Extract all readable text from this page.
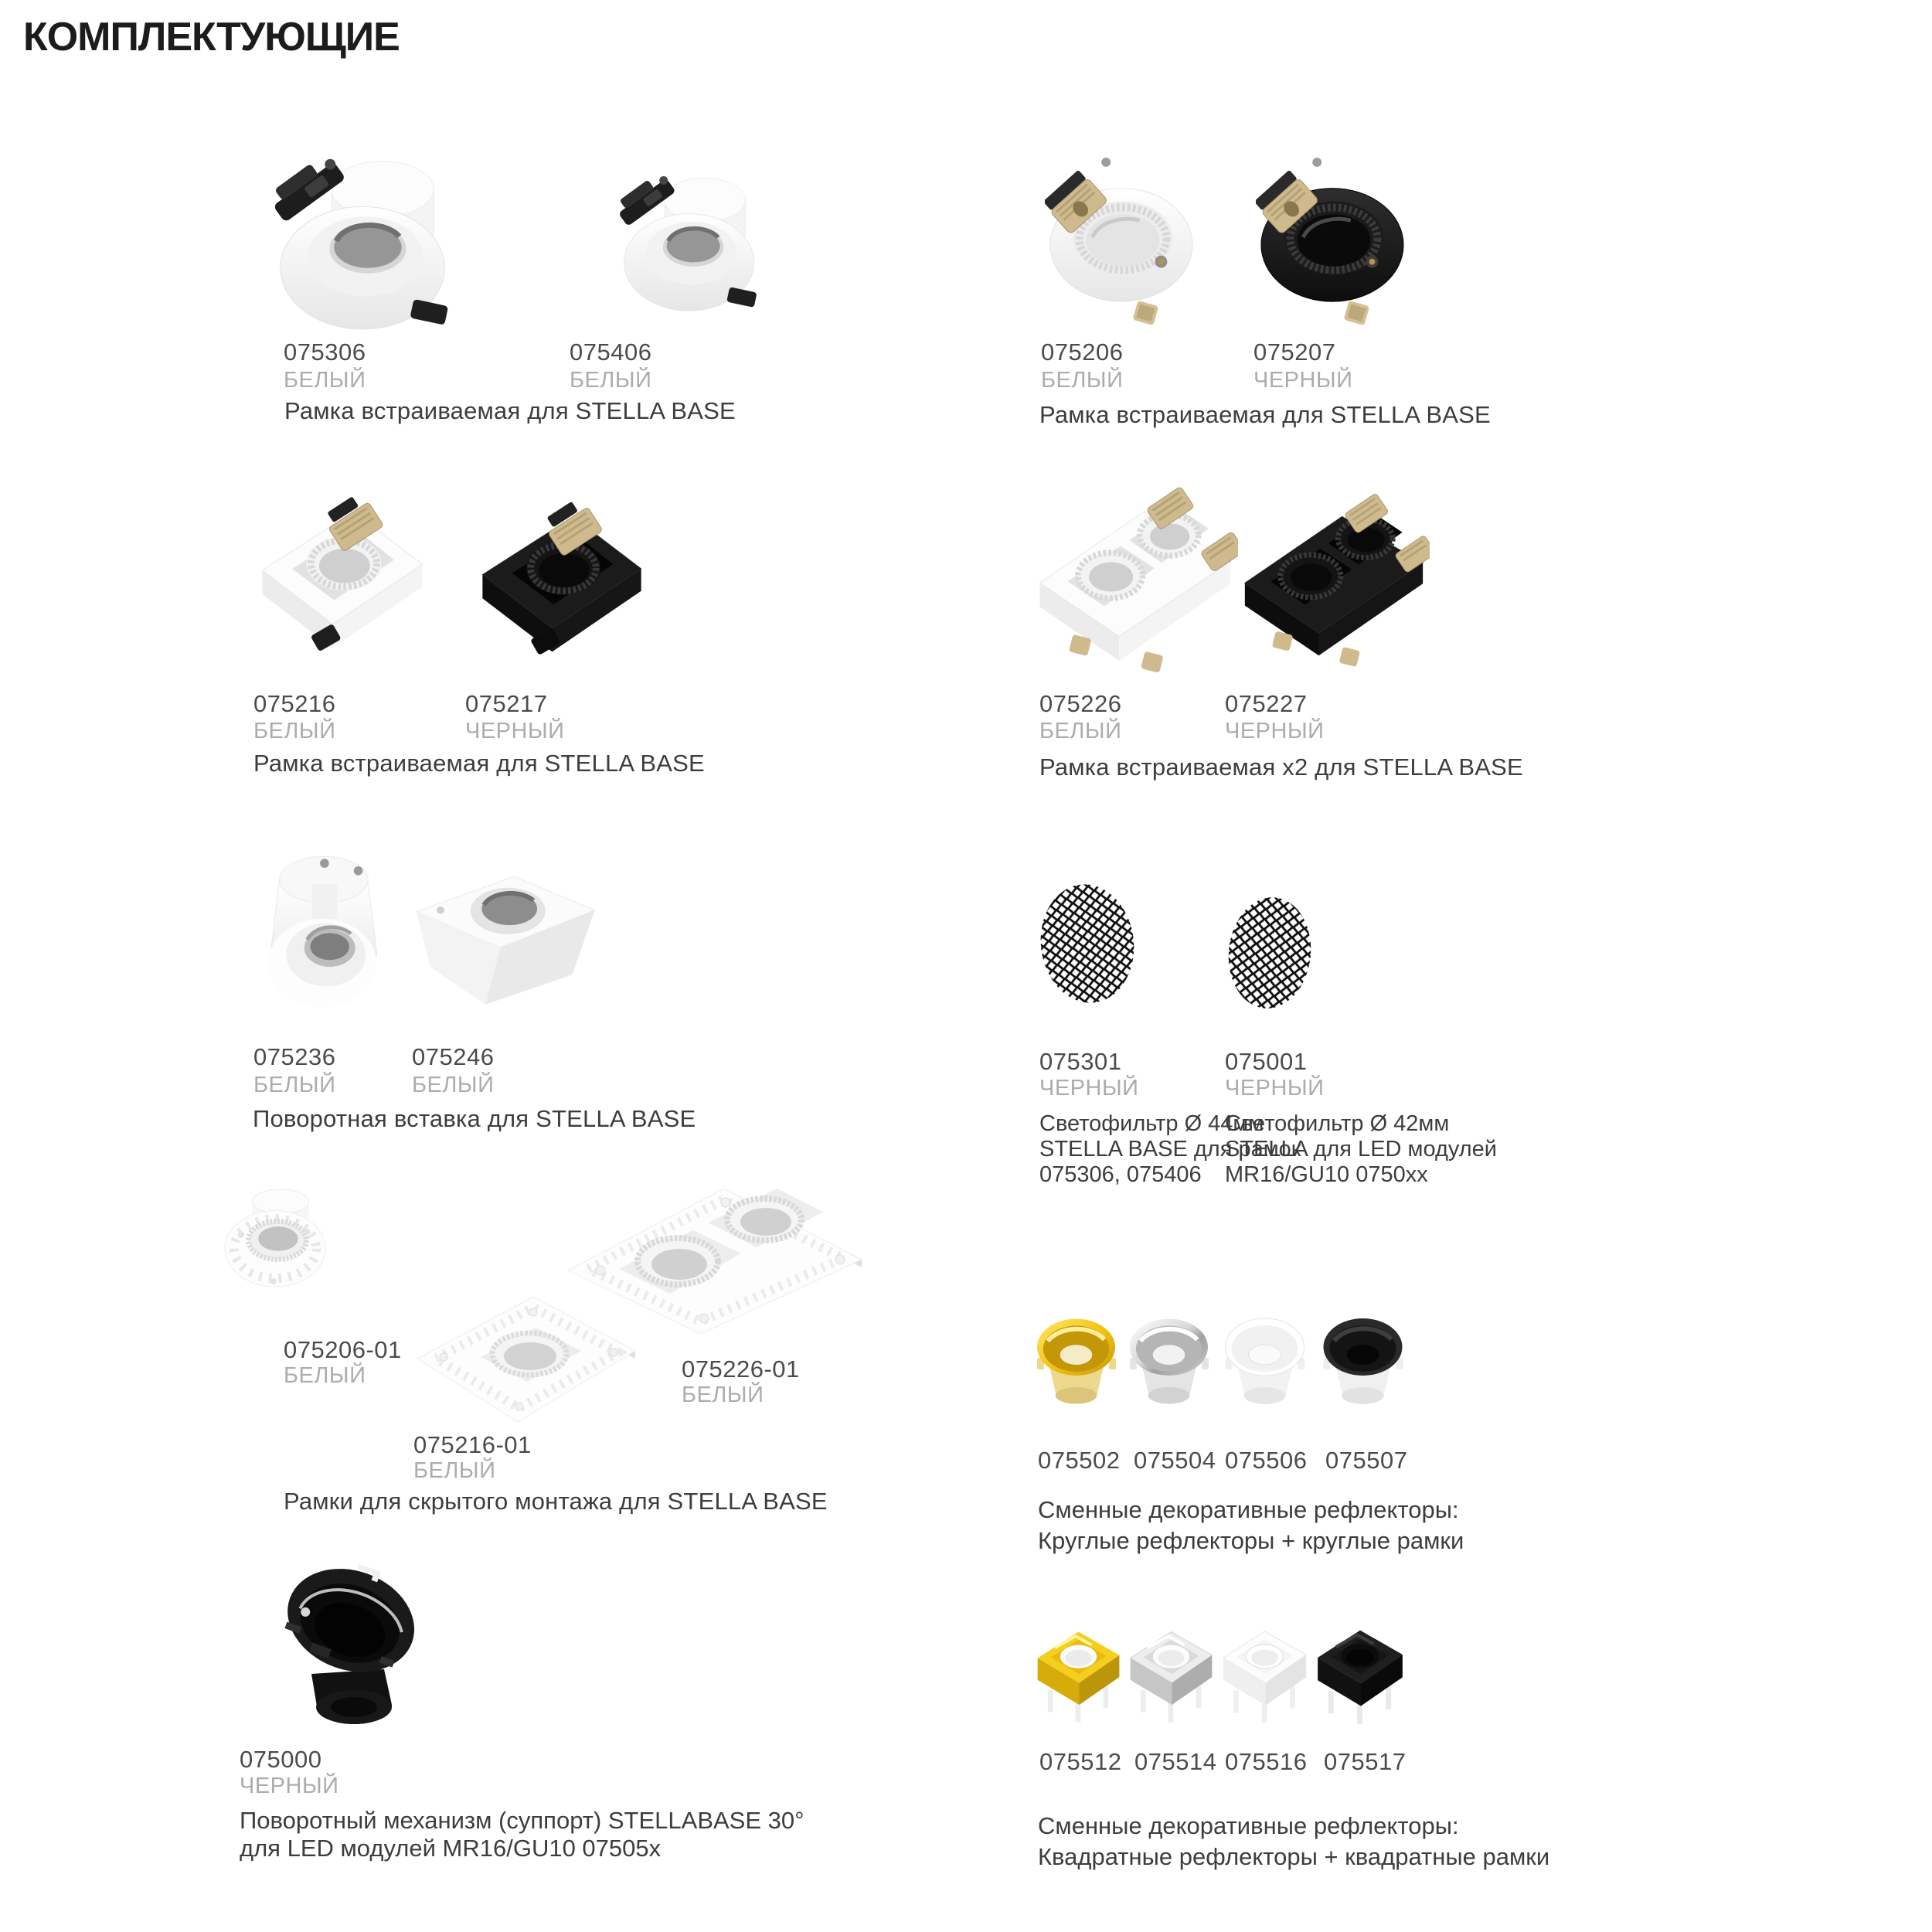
КОМПЛЕКТУЮЩИЕ
075306
БЕЛЫЙ
075406
БЕЛЫЙ
Рамка встраиваемая для STELLA BASE
075206
БЕЛЫЙ
075207
ЧЕРНЫЙ
Рамка встраиваемая для STELLA BASE
075216
БЕЛЫЙ
075217
ЧЕРНЫЙ
Рамка встраиваемая для STELLA BASE
075226
БЕЛЫЙ
075227
ЧЕРНЫЙ
Рамка встраиваемая x2 для STELLA BASE
075236
БЕЛЫЙ
075246
БЕЛЫЙ
Поворотная вставка для STELLA BASE
075301
ЧЕРНЫЙ
Светофильтр Ø 44мм
STELLA BASE для рамок
075306, 075406
075001
ЧЕРНЫЙ
Светофильтр Ø 42мм
STELLA для LED модулей
MR16/GU10 0750xx
075206-01
БЕЛЫЙ
075216-01
БЕЛЫЙ
075226-01
БЕЛЫЙ
Рамки для скрытого монтажа для STELLA BASE
075502 075504 075506 075507
Сменные декоративные рефлекторы:
Круглые рефлекторы + круглые рамки
075000
ЧЕРНЫЙ
Поворотный механизм (суппорт) STELLABASE 30°
для LED модулей MR16/GU10 07505x
075512 075514 075516 075517
Сменные декоративные рефлекторы:
Квадратные рефлекторы + квадратные рамки
